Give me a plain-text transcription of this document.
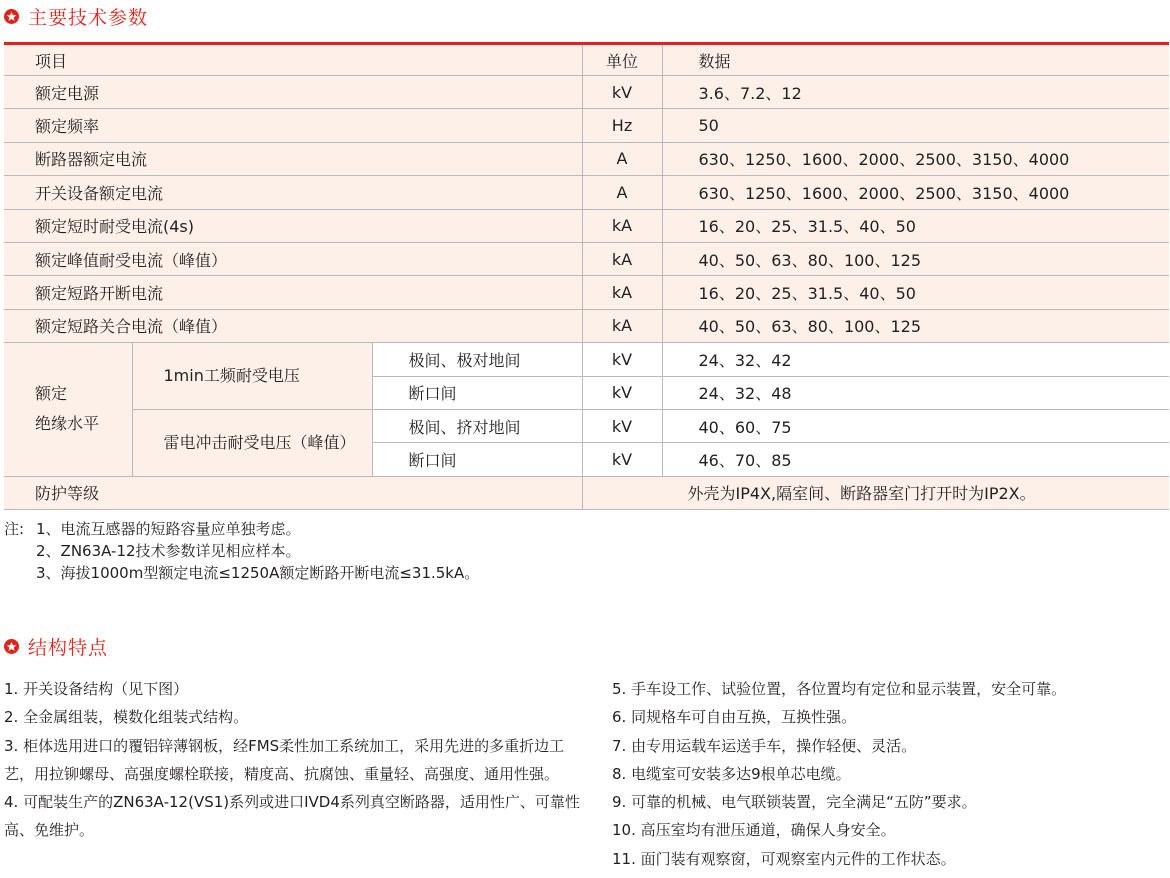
主要技术参数
项目			单位	数据
额定电源			kV	3.6、7.2、12
额定频率			Hz	50
断路器额定电流			A	630、1250、1600、2000、2500、3150、4000
开关设备额定电流			A	630、1250、1600、2000、2500、3150、4000
额定短时耐受电流(4s)			kA	16、20、25、31.5、40、50
额定峰值耐受电流（峰值）			kA	40、50、63、80、100、125
额定短路开断电流			kA	16、20、25、31.5、40、50
额定短路关合电流（峰值）			kA	40、50、63、80、100、125

额定
绝缘水平	1min工频耐受电压	极间、极对地间	kV	24、32、42
		断口间	kV	24、32、48
	雷电冲击耐受电压（峰值）	极间、挤对地间	kV	40、60、75
		断口间	kV	46、70、85
防护等级			外壳为IP4X,隔室间、断路器室门打开时为IP2X。	
注: 1、电流互感器的短路容量应单独考虑。
2、ZN63A-12技术参数详见相应样本。
3、海拔1000m型额定电流≤1250A额定断路开断电流≤31.5kA。
结构特点
1. 开关设备结构（见下图）
2. 全金属组装，模数化组装式结构。
3. 柜体选用进口的覆铝锌薄钢板，经FMS柔性加工系统加工，采用先进的多重折边工艺，用拉铆螺母、高强度螺栓联接，精度高、抗腐蚀、重量轻、高强度、通用性强。
4. 可配装生产的ZN63A-12(VS1)系列或进口IVD4系列真空断路器，适用性广、可靠性高、免维护。
5. 手车设工作、试验位置，各位置均有定位和显示装置，安全可靠。
6. 同规格车可自由互换，互换性强。
7. 由专用运载车运送手车，操作轻便、灵活。
8. 电缆室可安装多达9根单芯电缆。
9. 可靠的机械、电气联锁装置，完全满足“五防”要求。
10. 高压室均有泄压通道，确保人身安全。
11. 面门装有观察窗，可观察室内元件的工作状态。
